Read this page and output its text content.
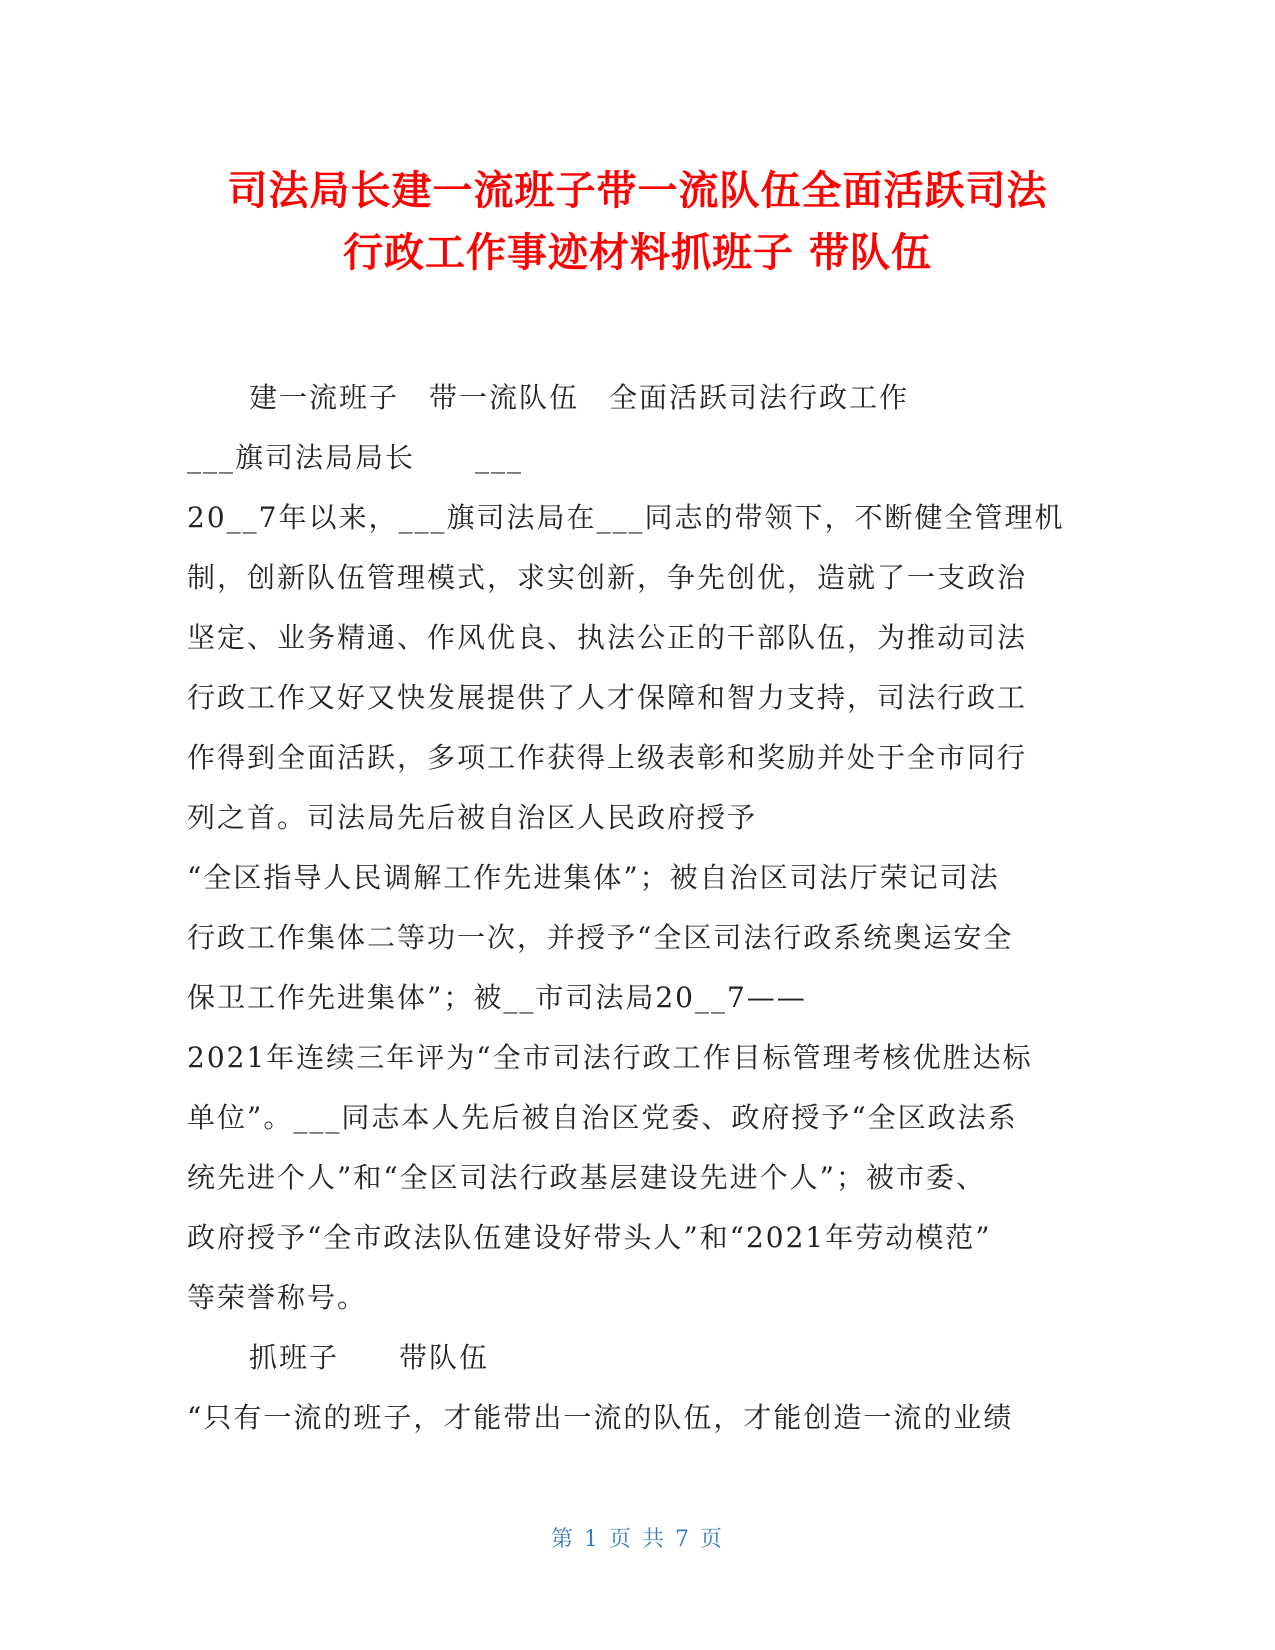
司法局长建一流班子带一流队伍全面活跃司法
行政工作事迹材料抓班子 带队伍
建一流班子　带一流队伍　全面活跃司法行政工作
___旗司法局局长　　___
20__7年以来，___旗司法局在___同志的带领下，不断健全管理机
制，创新队伍管理模式，求实创新，争先创优，造就了一支政治
坚定、业务精通、作风优良、执法公正的干部队伍，为推动司法
行政工作又好又快发展提供了人才保障和智力支持，司法行政工
作得到全面活跃，多项工作获得上级表彰和奖励并处于全市同行
列之首。司法局先后被自治区人民政府授予
“全区指导人民调解工作先进集体”；被自治区司法厅荣记司法
行政工作集体二等功一次，并授予“全区司法行政系统奥运安全
保卫工作先进集体”；被__市司法局20__7——
2021年连续三年评为“全市司法行政工作目标管理考核优胜达标
单位”。___同志本人先后被自治区党委、政府授予“全区政法系
统先进个人”和“全区司法行政基层建设先进个人”；被市委、
政府授予“全市政法队伍建设好带头人”和“2021年劳动模范”
等荣誉称号。
抓班子　　带队伍
“只有一流的班子，才能带出一流的队伍，才能创造一流的业绩
第 1 页 共 7 页
